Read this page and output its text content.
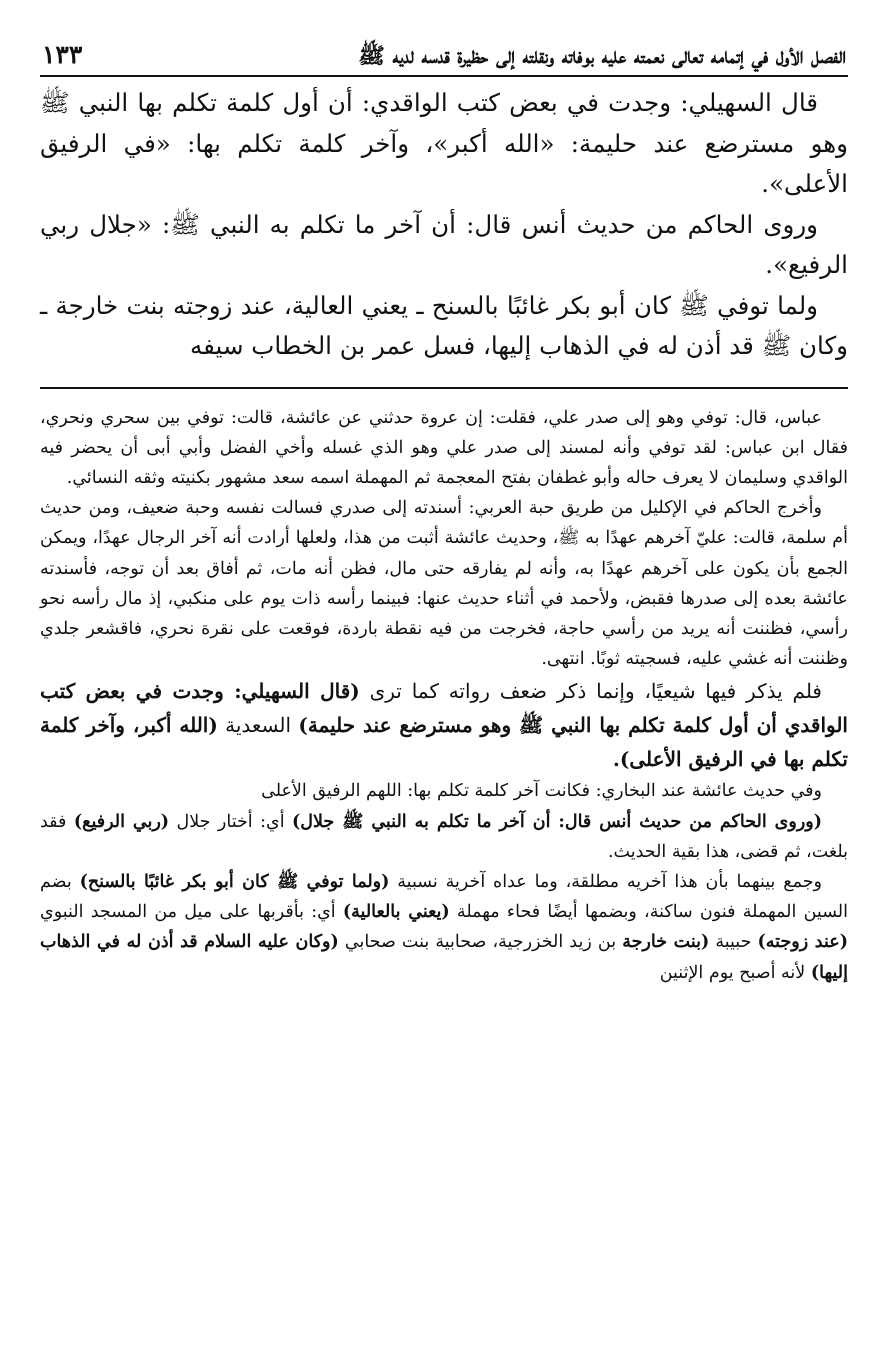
الفصل الأول في إتمامه تعالى نعمته عليه بوفاته ونقلته إلى حظيرة قدسه لديه ﷺ
١٣٣

قال السهيلي: وجدت في بعض كتب الواقدي: أن أول كلمة تكلم بها النبي ﷺ وهو مسترضع عند حليمة: «الله أكبر»، وآخر كلمة تكلم بها: «في الرفيق الأعلى».

وروى الحاكم من حديث أنس قال: أن آخر ما تكلم به النبي ﷺ: «جلال ربي الرفيع».

ولما توفي ﷺ كان أبو بكر غائبًا بالسنح ـ يعني العالية، عند زوجته بنت خارجة ـ وكان ﷺ قد أذن له في الذهاب إليها، فسل عمر بن الخطاب سيفه

عباس، قال: توفي وهو إلى صدر علي، فقلت: إن عروة حدثني عن عائشة، قالت: توفي بين سحري ونحري، فقال ابن عباس: لقد توفي وأنه لمسند إلى صدر علي وهو الذي غسله وأخي الفضل وأبي أبى أن يحضر فيه الواقدي وسليمان لا يعرف حاله وأبو غطفان بفتح المعجمة ثم المهملة اسمه سعد مشهور بكنيته وثقه النسائي.

وأخرج الحاكم في الإكليل من طريق حبة العربي: أسندته إلى صدري فسالت نفسه وحبة ضعيف، ومن حديث أم سلمة، قالت: عليّ آخرهم عهدًا به ﷺ، وحديث عائشة أثبت من هذا، ولعلها أرادت أنه آخر الرجال عهدًا، ويمكن الجمع بأن يكون على آخرهم عهدًا به، وأنه لم يفارقه حتى مال، فظن أنه مات، ثم أفاق بعد أن توجه، فأسندته عائشة بعده إلى صدرها فقبض، ولأحمد في أثناء حديث عنها: فبينما رأسه ذات يوم على منكبي، إذ مال رأسه نحو رأسي، فظننت أنه يريد من رأسي حاجة، فخرجت من فيه نقطة باردة، فوقعت على نقرة نحري، فاقشعر جلدي وظننت أنه غشي عليه، فسجيته ثوبًا. انتهى.

فلم يذكر فيها شيعيًا، وإنما ذكر ضعف رواته كما ترى (قال السهيلي: وجدت في بعض كتب الواقدي أن أول كلمة تكلم بها النبي ﷺ وهو مسترضع عند حليمة) السعدية (الله أكبر، وآخر كلمة تكلم بها في الرفيق الأعلى).

وفي حديث عائشة عند البخاري: فكانت آخر كلمة تكلم بها: اللهم الرفيق الأعلى

(وروى الحاكم من حديث أنس قال: أن آخر ما تكلم به النبي ﷺ جلال) أي: أختار جلال (ربي الرفيع) فقد بلغت، ثم قضى، هذا بقية الحديث.

وجمع بينهما بأن هذا آخريه مطلقة، وما عداه آخرية نسبية (ولما توفي ﷺ كان أبو بكر غائبًا بالسنح) بضم السين المهملة فنون ساكنة، وبضمها أيضًا فحاء مهملة (يعني بالعالية) أي: بأقربها على ميل من المسجد النبوي (عند زوجته) حبيبة (بنت خارجة بن زيد الخزرجية، صحابية بنت صحابي (وكان عليه السلام قد أذن له في الذهاب إليها) لأنه أصبح يوم الإثنين
